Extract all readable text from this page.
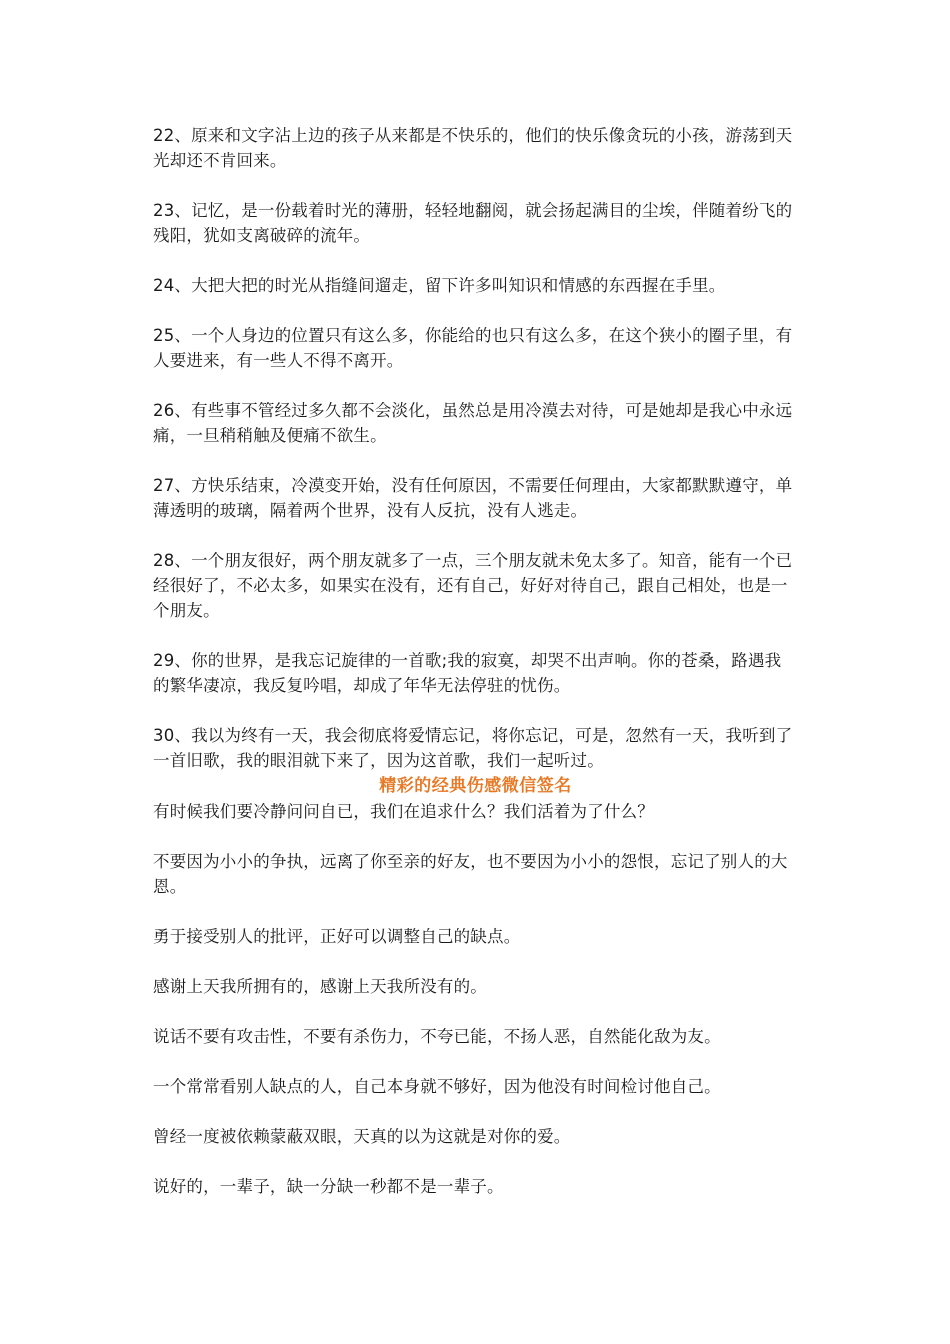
22、原来和文字沾上边的孩子从来都是不快乐的，他们的快乐像贪玩的小孩，游荡到天光却还不肯回来。

23、记忆，是一份载着时光的薄册，轻轻地翻阅，就会扬起满目的尘埃，伴随着纷飞的残阳，犹如支离破碎的流年。

24、大把大把的时光从指缝间遛走，留下许多叫知识和情感的东西握在手里。

25、一个人身边的位置只有这么多，你能给的也只有这么多，在这个狭小的圈子里，有人要进来，有一些人不得不离开。

26、有些事不管经过多久都不会淡化，虽然总是用冷漠去对待，可是她却是我心中永远痛，一旦稍稍触及便痛不欲生。

27、方快乐结束，冷漠变开始，没有任何原因，不需要任何理由，大家都默默遵守，单薄透明的玻璃，隔着两个世界，没有人反抗，没有人逃走。

28、一个朋友很好，两个朋友就多了一点，三个朋友就未免太多了。知音，能有一个已经很好了，不必太多，如果实在没有，还有自己，好好对待自己，跟自己相处，也是一个朋友。

29、你的世界，是我忘记旋律的一首歌;我的寂寞，却哭不出声响。你的苍桑，路遇我的繁华凄凉，我反复吟唱，却成了年华无法停驻的忧伤。

30、我以为终有一天，我会彻底将爱情忘记，将你忘记，可是，忽然有一天，我听到了一首旧歌，我的眼泪就下来了，因为这首歌，我们一起听过。

精彩的经典伤感微信签名

有时候我们要冷静问问自已，我们在追求什么？我们活着为了什么？

不要因为小小的争执，远离了你至亲的好友，也不要因为小小的怨恨，忘记了别人的大恩。

勇于接受别人的批评，正好可以调整自己的缺点。

感谢上天我所拥有的，感谢上天我所没有的。

说话不要有攻击性，不要有杀伤力，不夸已能，不扬人恶，自然能化敌为友。

一个常常看别人缺点的人，自己本身就不够好，因为他没有时间检讨他自己。

曾经一度被依赖蒙蔽双眼，天真的以为这就是对你的爱。

说好的，一辈子，缺一分缺一秒都不是一辈子。
